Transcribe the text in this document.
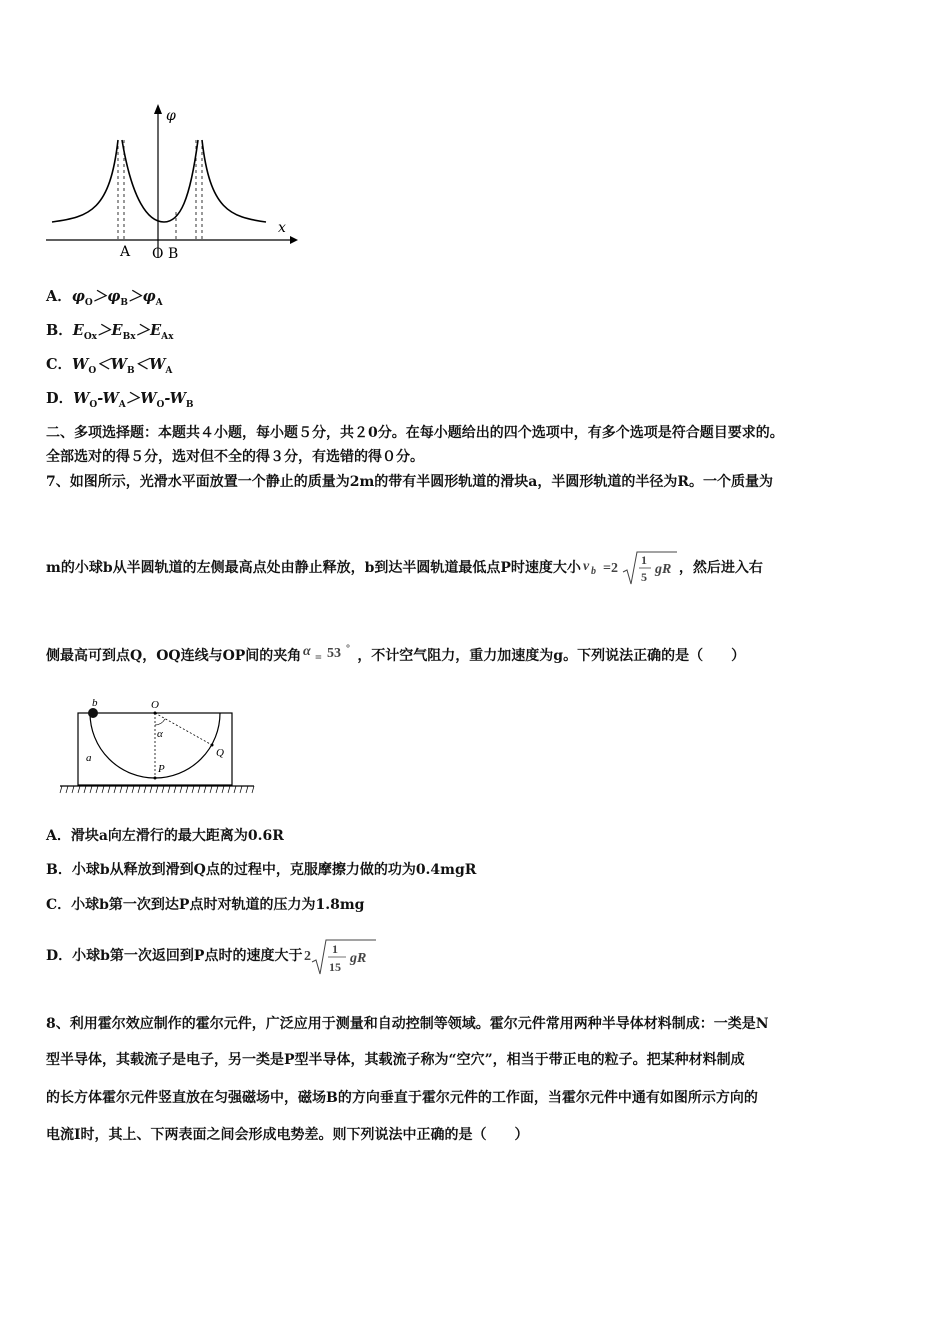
φ
x
A O B
A．$\varphi_O>\varphi_B>\varphi_A$
B．$E_{Ox}>E_{Bx}>E_{Ax}$
C．$W_O<W_B<W_A$
D．$W_O-W_A>W_O-W_B$
二、多项选择题：本题共４小题，每小题５分，共２0分。在每小题给出的四个选项中，有多个选项是符合题目要求的。
全部选对的得５分，选对但不全的得３分，有选错的得０分。
7、如图所示，光滑水平面放置一个静止的质量为2m的带有半圆形轨道的滑块a，半圆形轨道的半径为R。一个质量为
m的小球b从半圆轨道的左侧最高点处由静止释放，b到达半圆轨道最低点P时速度大小 v b =2
1
5 gR ，然后进入右
侧最高可到点Q，OQ连线与OP间的夹角 α = 53 ，不计空气阻力，重力加速度为g。下列说法正确的是（　　）
b	O
α
Q
P
a
A．滑块a向左滑行的最大距离为0.6R
B．小球b从释放到滑到Q点的过程中，克服摩擦力做的功为0.4mgR
C．小球b第一次到达P点时对轨道的压力为1.8mg
D．小球b第一次返回到P点时的速度大于 2 1
15
gR
8、利用霍尔效应制作的霍尔元件，广泛应用于测量和自动控制等领域。霍尔元件常用两种半导体材料制成：一类是N
型半导体，其载流子是电子，另一类是P型半导体，其载流子称为“空穴”，相当于带正电的粒子。把某种材料制成
的长方体霍尔元件竖直放在匀强磁场中，磁场B的方向垂直于霍尔元件的工作面，当霍尔元件中通有如图所示方向的
电流I时，其上、下两表面之间会形成电势差。则下列说法中正确的是（　　）
